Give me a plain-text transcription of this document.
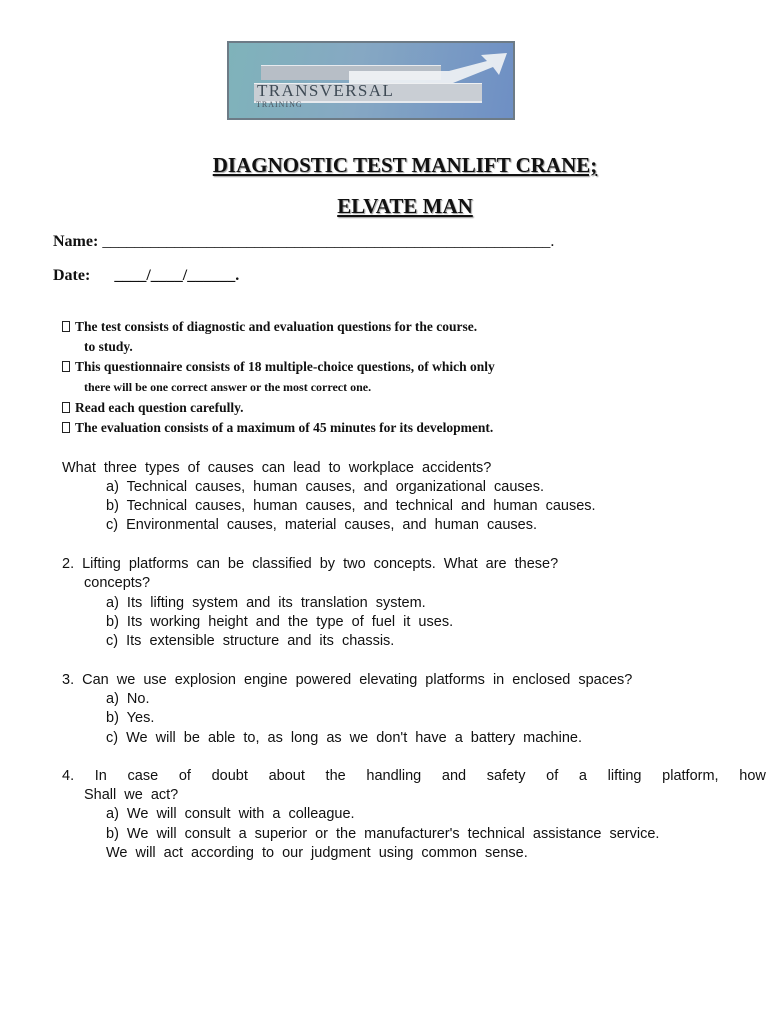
TRANSVERSAL
TRAINING
DIAGNOSTIC TEST MANLIFT CRANE;
ELVATE MAN
Name: ________________________________________________________.
Date: ____/____/______.
The test consists of diagnostic and evaluation questions for the course.
to study.
This questionnaire consists of 18 multiple-choice questions, of which only
there will be one correct answer or the most correct one.
Read each question carefully.
The evaluation consists of a maximum of 45 minutes for its development.
What three types of causes can lead to workplace accidents?
a) Technical causes, human causes, and organizational causes.
b) Technical causes, human causes, and technical and human causes.
c) Environmental causes, material causes, and human causes.
2. Lifting platforms can be classified by two concepts. What are these?
concepts?
a) Its lifting system and its translation system.
b) Its working height and the type of fuel it uses.
c) Its extensible structure and its chassis.
3. Can we use explosion engine powered elevating platforms in enclosed spaces?
a) No.
b) Yes.
c) We will be able to, as long as we don't have a battery machine.
4. In case of doubt about the handling and safety of a lifting platform, how
Shall we act?
a) We will consult with a colleague.
b) We will consult a superior or the manufacturer's technical assistance service.
We will act according to our judgment using common sense.
